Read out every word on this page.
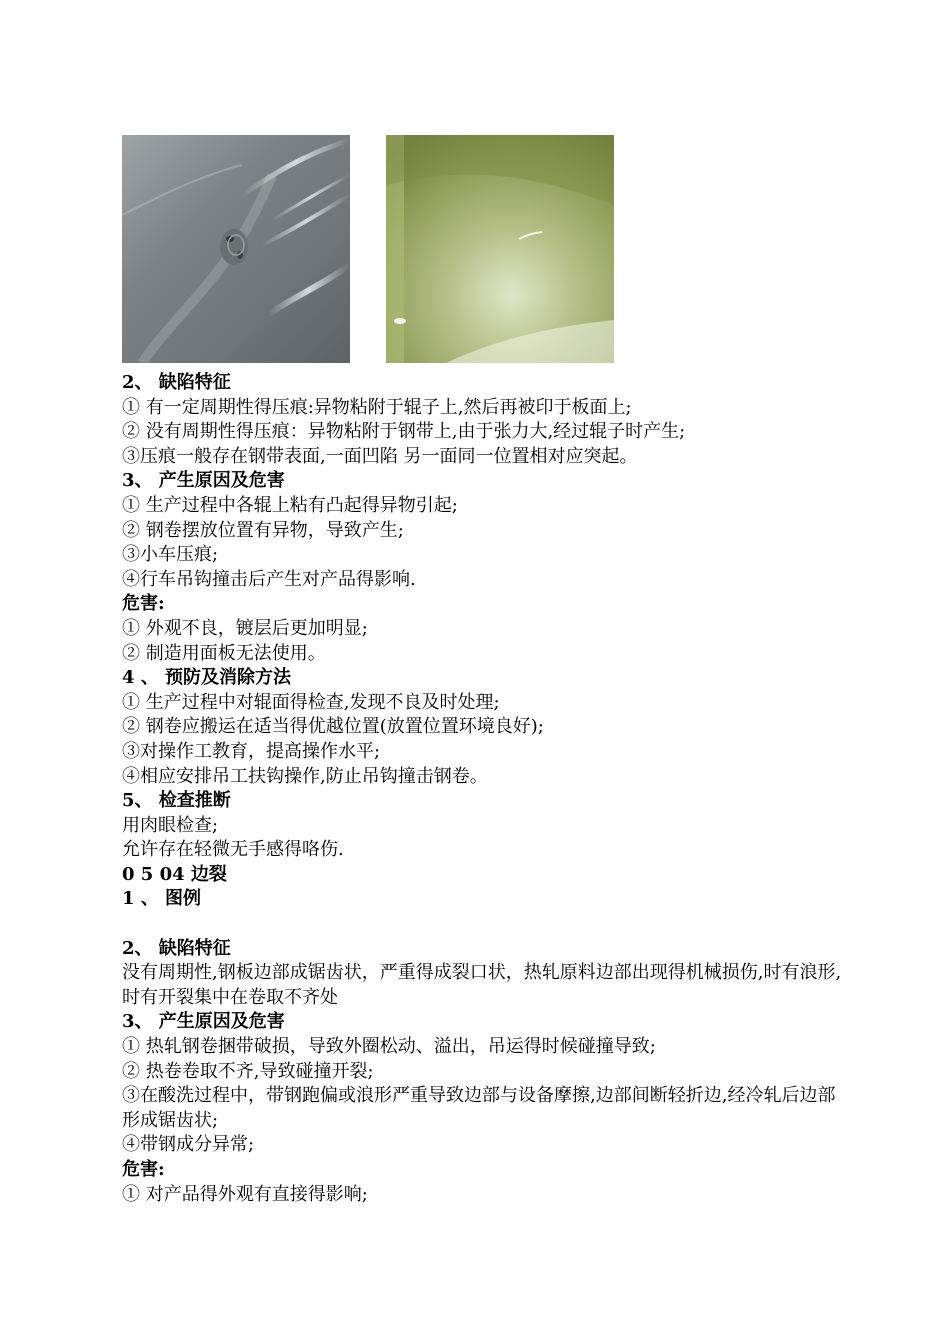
2、 缺陷特征
① 有一定周期性得压痕:异物粘附于辊子上,然后再被印于板面上;
② 没有周期性得压痕：异物粘附于钢带上,由于张力大,经过辊子时产生;
③压痕一般存在钢带表面,一面凹陷 另一面同一位置相对应突起。
3、 产生原因及危害
① 生产过程中各辊上粘有凸起得异物引起;
② 钢卷摆放位置有异物，导致产生;
③小车压痕;
④行车吊钩撞击后产生对产品得影响.
危害:
① 外观不良，镀层后更加明显;
② 制造用面板无法使用。
4 、 预防及消除方法
① 生产过程中对辊面得检查,发现不良及时处理;
② 钢卷应搬运在适当得优越位置(放置位置环境良好);
③对操作工教育，提高操作水平;
④相应安排吊工扶钩操作,防止吊钩撞击钢卷。
5、 检查推断
用肉眼检查;
允许存在轻微无手感得咯伤.
0 5 04 边裂
1 、 图例
2、 缺陷特征
没有周期性,钢板边部成锯齿状，严重得成裂口状，热轧原料边部出现得机械损伤,时有浪形,时有开裂集中在卷取不齐处
3、 产生原因及危害
① 热轧钢卷捆带破损，导致外圈松动、溢出，吊运得时候碰撞导致;
② 热卷卷取不齐,导致碰撞开裂;
③在酸洗过程中，带钢跑偏或浪形严重导致边部与设备摩擦,边部间断轻折边,经冷轧后边部形成锯齿状;
④带钢成分异常;
危害:
① 对产品得外观有直接得影响;
